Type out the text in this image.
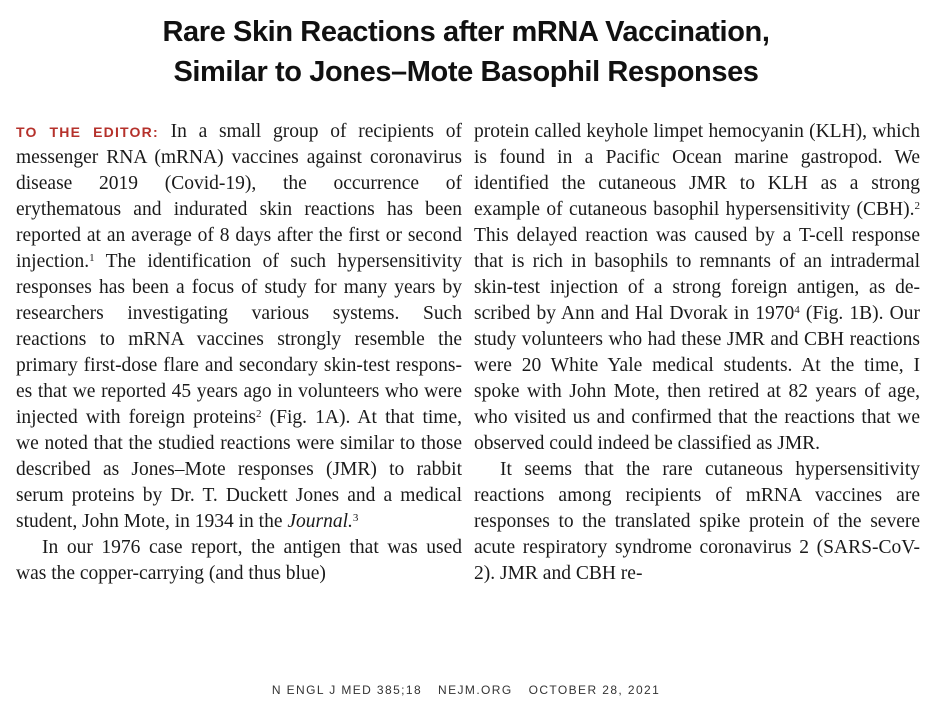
Rare Skin Reactions after mRNA Vaccination,
Similar to Jones–Mote Basophil Responses

TO THE EDITOR: In a small group of recipients of messenger RNA (mRNA) vaccines against coronavirus disease 2019 (Covid-19), the occurrence of erythematous and indurated skin reactions has been reported at an average of 8 days after the first or second injection.$^1$ The identification of such hypersensitivity responses has been a focus of study for many years by researchers investigating various systems. Such reactions to mRNA vaccines strongly resemble the primary first-dose flare and secondary skin-test responses that we reported 45 years ago in volunteers who were injected with foreign proteins$^2$ (Fig. 1A). At that time, we noted that the studied reactions were similar to those described as Jones–Mote responses (JMR) to rabbit serum proteins by Dr. T. Duckett Jones and a medical student, John Mote, in 1934 in the Journal.$^3$

In our 1976 case report, the antigen that was used was the copper-carrying (and thus blue)

protein called keyhole limpet hemocyanin (KLH), which is found in a Pacific Ocean marine gastropod. We identified the cutaneous JMR to KLH as a strong example of cutaneous basophil hypersensitivity (CBH).$^2$ This delayed reaction was caused by a T-cell response that is rich in basophils to remnants of an intradermal skin-test injection of a strong foreign antigen, as described by Ann and Hal Dvorak in 1970$^4$ (Fig. 1B). Our study volunteers who had these JMR and CBH reactions were 20 White Yale medical students. At the time, I spoke with John Mote, then retired at 82 years of age, who visited us and confirmed that the reactions that we observed could indeed be classified as JMR.

It seems that the rare cutaneous hypersensitivity reactions among recipients of mRNA vaccines are responses to the translated spike protein of the severe acute respiratory syndrome coronavirus 2 (SARS-CoV-2). JMR and CBH re-

N ENGL J MED 385;18 NEJM.ORG OCTOBER 28, 2021
